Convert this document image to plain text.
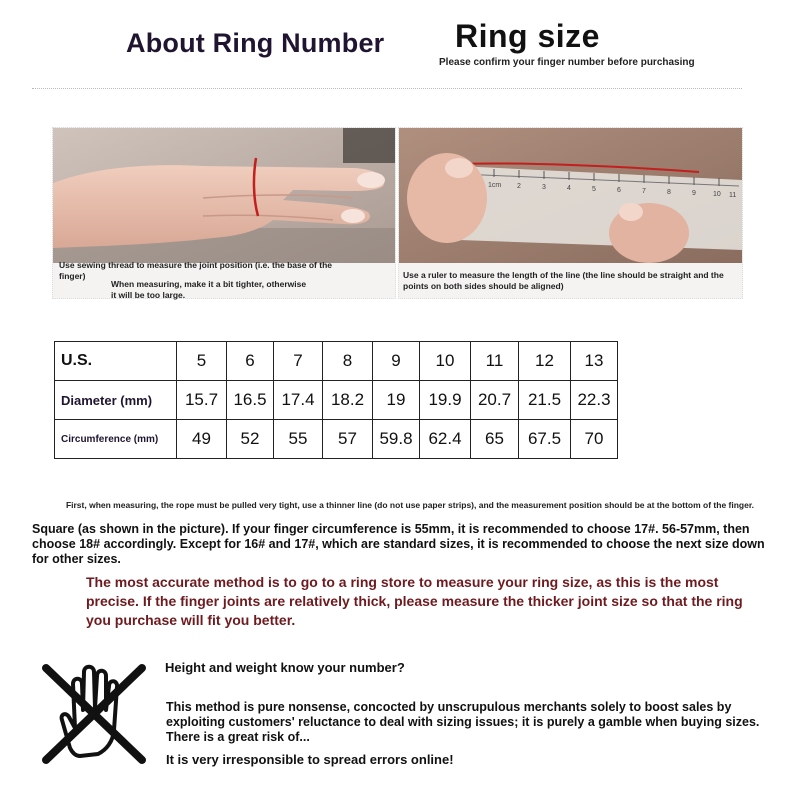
About Ring Number Ring size
Please confirm your finger number before purchasing
Use sewing thread to measure the joint position (i.e. the base of the finger)
When measuring, make it a bit tighter, otherwise it will be too large.
1cm 2	3	4	5	6	7	8	9 10 11
Use a ruler to measure the length of the line (the line should be straight and the points on both sides should be aligned)
U.S.	5	6	7	8	9	10	11	12	13
Diameter (mm)	15.7	16.5	17.4	18.2	19	19.9	20.7	21.5	22.3
Circumference (mm)	49	52	55	57	59.8	62.4	65	67.5	70
First, when measuring, the rope must be pulled very tight, use a thinner line (do not use paper strips), and the measurement position should be at the bottom of the finger.
Square (as shown in the picture). If your finger circumference is 55mm, it is recommended to choose 17#. 56-57mm, then choose 18# accordingly. Except for 16# and 17#, which are standard sizes, it is recommended to choose the next size down for other sizes.
The most accurate method is to go to a ring store to measure your ring size, as this is the most precise. If the finger joints are relatively thick, please measure the thicker joint size so that the ring you purchase will fit you better.
Height and weight know your number?
This method is pure nonsense, concocted by unscrupulous merchants solely to boost sales by exploiting customers' reluctance to deal with sizing issues; it is purely a gamble when buying sizes. There is a great risk of...
It is very irresponsible to spread errors online!
